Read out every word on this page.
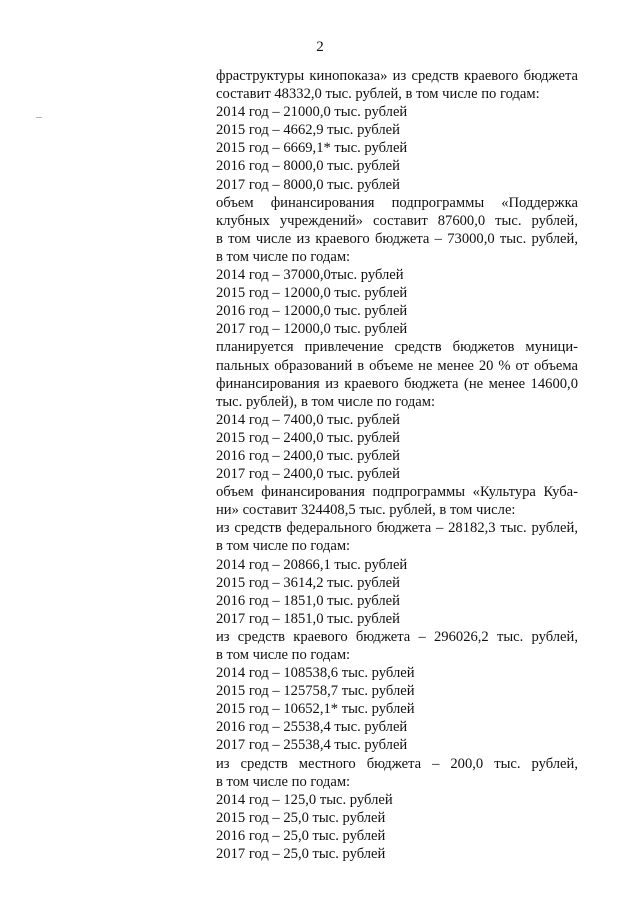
2
фраструктуры кинопоказа» из средств краевого бюджета
составит 48332,0 тыс. рублей, в том числе по годам:
2014 год – 21000,0 тыс. рублей
2015 год – 4662,9 тыс. рублей
2015 год – 6669,1* тыс. рублей
2016 год – 8000,0 тыс. рублей
2017 год – 8000,0 тыс. рублей
объем финансирования подпрограммы «Поддержка
клубных учреждений» составит 87600,0 тыс. рублей,
в том числе из краевого бюджета – 73000,0 тыс. рублей,
в том числе по годам:
2014 год – 37000,0тыс. рублей
2015 год – 12000,0 тыс. рублей
2016 год – 12000,0 тыс. рублей
2017 год – 12000,0 тыс. рублей
планируется привлечение средств бюджетов муници-
пальных образований в объеме не менее 20 % от объема
финансирования из краевого бюджета (не менее 14600,0
тыс. рублей), в том числе по годам:
2014 год – 7400,0 тыс. рублей
2015 год – 2400,0 тыс. рублей
2016 год – 2400,0 тыс. рублей
2017 год – 2400,0 тыс. рублей
объем финансирования подпрограммы «Культура Куба-
ни» составит 324408,5 тыс. рублей, в том числе:
из средств федерального бюджета – 28182,3 тыс. рублей,
в том числе по годам:
2014 год – 20866,1 тыс. рублей
2015 год – 3614,2 тыс. рублей
2016 год – 1851,0 тыс. рублей
2017 год – 1851,0 тыс. рублей
из средств краевого бюджета – 296026,2 тыс. рублей,
в том числе по годам:
2014 год – 108538,6 тыс. рублей
2015 год – 125758,7 тыс. рублей
2015 год – 10652,1* тыс. рублей
2016 год – 25538,4 тыс. рублей
2017 год – 25538,4 тыс. рублей
из средств местного бюджета – 200,0 тыс. рублей,
в том числе по годам:
2014 год – 125,0 тыс. рублей
2015 год – 25,0 тыс. рублей
2016 год – 25,0 тыс. рублей
2017 год – 25,0 тыс. рублей
